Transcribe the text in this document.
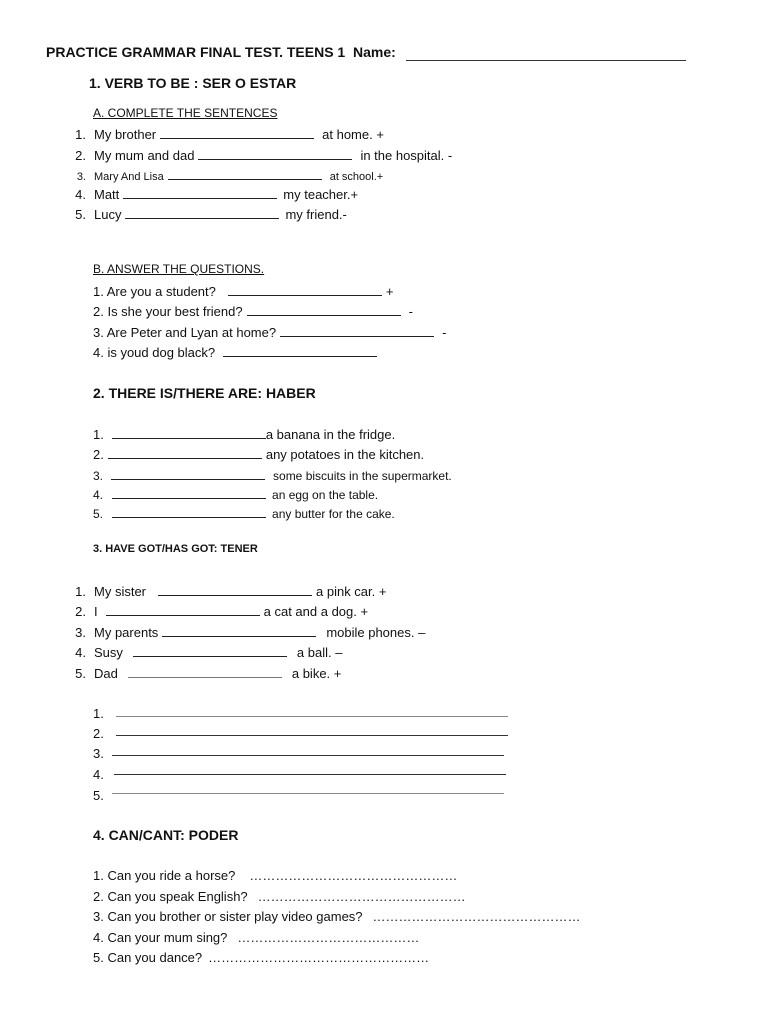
PRACTICE GRAMMAR FINAL TEST. TEENS 1 Name:
1. VERB TO BE : SER O ESTAR
A. COMPLETE THE SENTENCES
1. My brother	at home. +
2. My mum and dad	in the hospital. -
3. Mary And Lisa	at school.+
4. Matt	my teacher.+
5. Lucy	my friend.-
B. ANSWER THE QUESTIONS.
1. Are you a student?	+
2. Is she your best friend?	-
3. Are Peter and Lyan at home?	-
4. is youd dog black?
2. THERE IS/THERE ARE: HABER
1.	a banana in the fridge.
2.	any potatoes in the kitchen.
3.	some biscuits in the supermarket.
4.	an egg on the table.
5.	any butter for the cake.
3. HAVE GOT/HAS GOT: TENER
1. My sister	a pink car. +
2. I	a cat and a dog. +
3. My parents	mobile phones. –
4. Susy	a ball. –
5. Dad	a bike. +
1.
2.
3.
4.
5.
4. CAN/CANT: PODER
1. Can you ride a horse? …………………………………………
2. Can you speak English? …………………………………………
3. Can you brother or sister play video games? …………………………………………
4. Can your mum sing? ……………………………………
5. Can you dance? ……………………………………………
